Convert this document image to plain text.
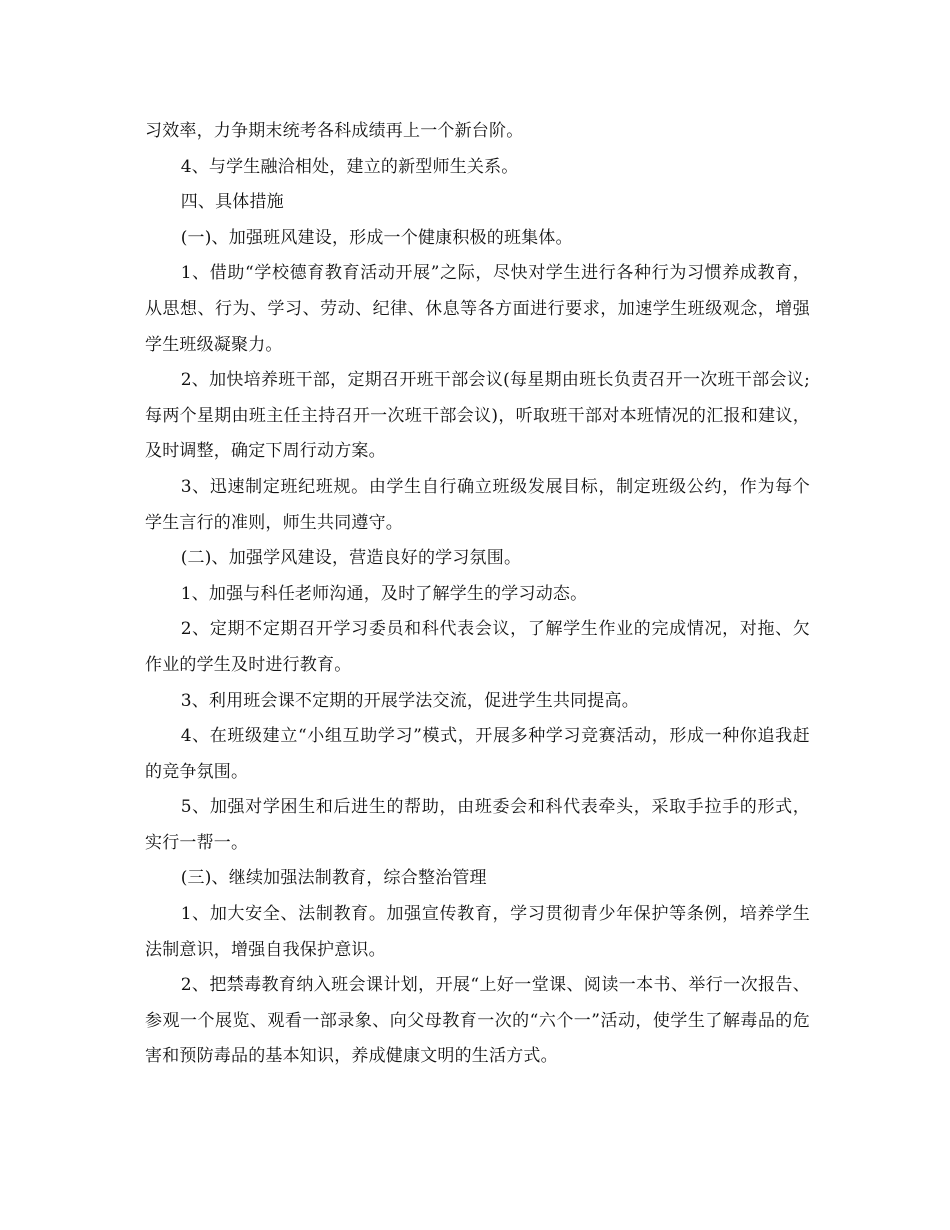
习效率，力争期末统考各科成绩再上一个新台阶。

4、与学生融洽相处，建立的新型师生关系。

四、具体措施

(一)、加强班风建设，形成一个健康积极的班集体。

1、借助“学校德育教育活动开展”之际，尽快对学生进行各种行为习惯养成教育，从思想、行为、学习、劳动、纪律、休息等各方面进行要求，加速学生班级观念，增强学生班级凝聚力。

2、加快培养班干部，定期召开班干部会议(每星期由班长负责召开一次班干部会议;每两个星期由班主任主持召开一次班干部会议)，听取班干部对本班情况的汇报和建议，及时调整，确定下周行动方案。

3、迅速制定班纪班规。由学生自行确立班级发展目标，制定班级公约，作为每个学生言行的准则，师生共同遵守。

(二)、加强学风建设，营造良好的学习氛围。

1、加强与科任老师沟通，及时了解学生的学习动态。

2、定期不定期召开学习委员和科代表会议，了解学生作业的完成情况，对拖、欠作业的学生及时进行教育。

3、利用班会课不定期的开展学法交流，促进学生共同提高。

4、在班级建立“小组互助学习”模式，开展多种学习竞赛活动，形成一种你追我赶的竞争氛围。

5、加强对学困生和后进生的帮助，由班委会和科代表牵头，采取手拉手的形式，实行一帮一。

(三)、继续加强法制教育，综合整治管理

1、加大安全、法制教育。加强宣传教育，学习贯彻青少年保护等条例，培养学生法制意识，增强自我保护意识。

2、把禁毒教育纳入班会课计划，开展“上好一堂课、阅读一本书、举行一次报告、参观一个展览、观看一部录象、向父母教育一次的“六个一”活动，使学生了解毒品的危害和预防毒品的基本知识，养成健康文明的生活方式。
